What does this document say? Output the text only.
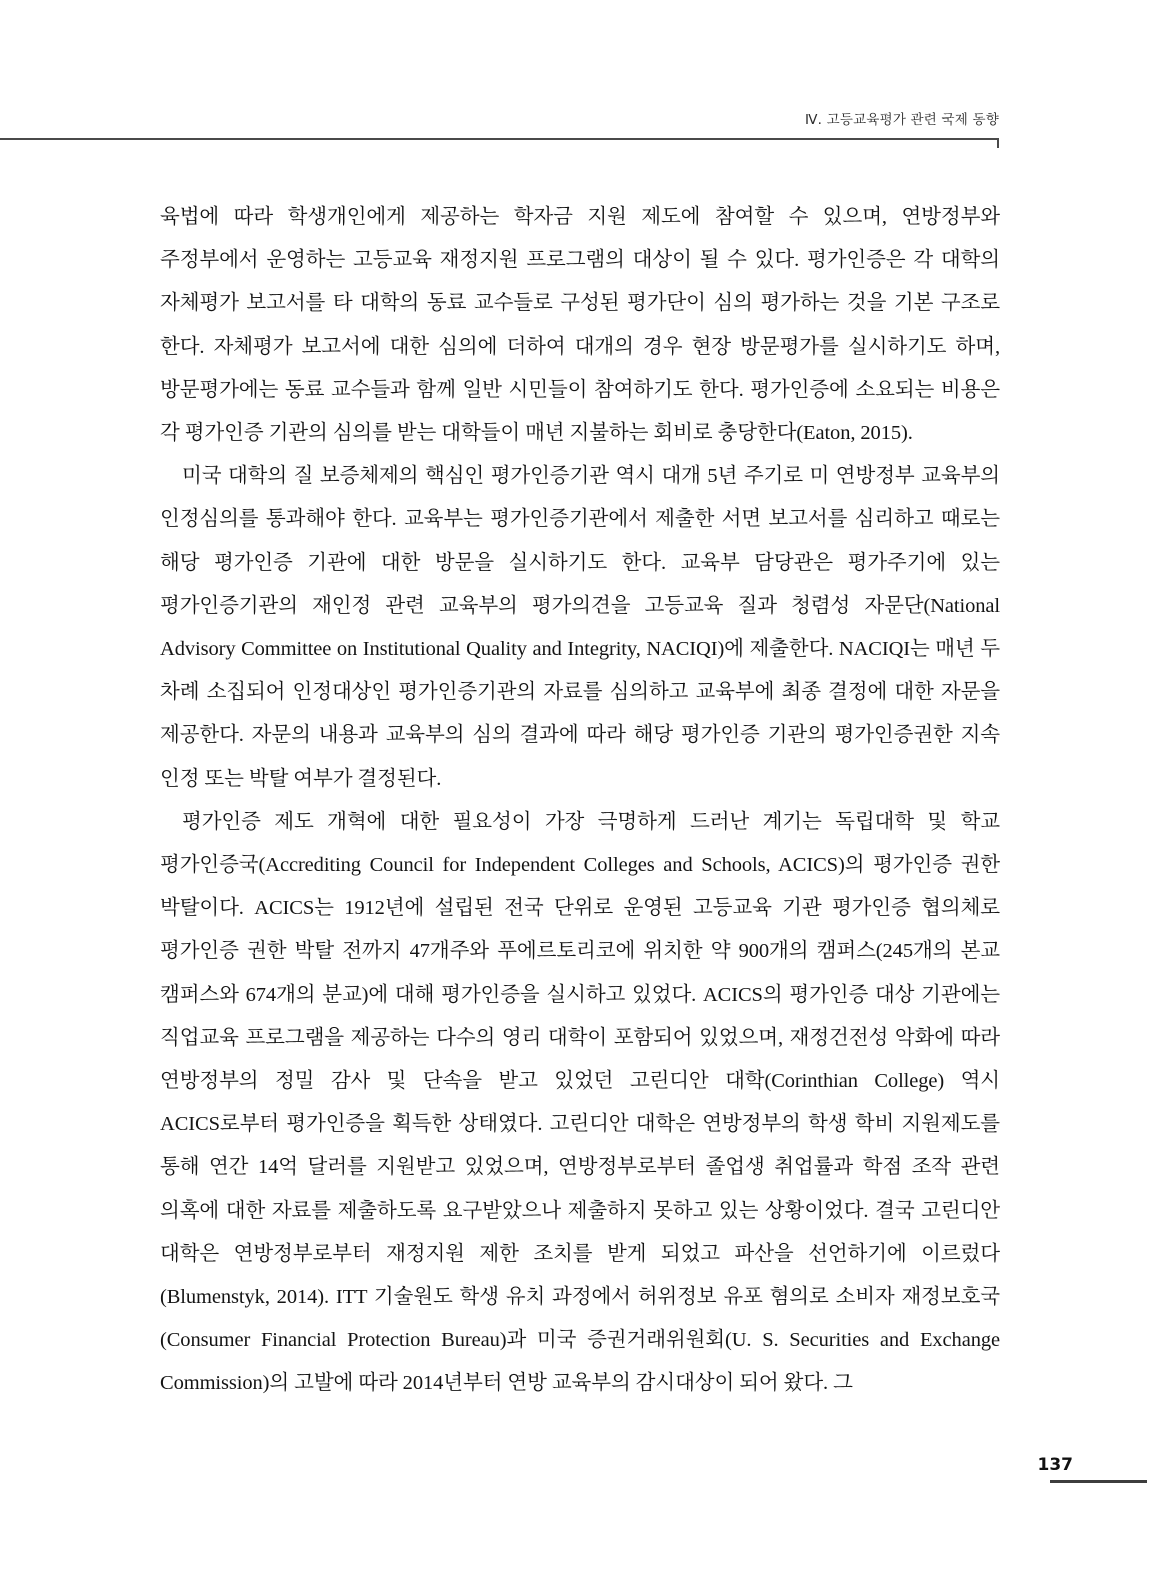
Ⅳ. 고등교육평가 관련 국제 동향

육법에 따라 학생개인에게 제공하는 학자금 지원 제도에 참여할 수 있으며, 연방정부와 주정부에서 운영하는 고등교육 재정지원 프로그램의 대상이 될 수 있다. 평가인증은 각 대학의 자체평가 보고서를 타 대학의 동료 교수들로 구성된 평가단이 심의 평가하는 것을 기본 구조로 한다. 자체평가 보고서에 대한 심의에 더하여 대개의 경우 현장 방문평가를 실시하기도 하며, 방문평가에는 동료 교수들과 함께 일반 시민들이 참여하기도 한다. 평가인증에 소요되는 비용은 각 평가인증 기관의 심의를 받는 대학들이 매년 지불하는 회비로 충당한다(Eaton, 2015).

미국 대학의 질 보증체제의 핵심인 평가인증기관 역시 대개 5년 주기로 미 연방정부 교육부의 인정심의를 통과해야 한다. 교육부는 평가인증기관에서 제출한 서면 보고서를 심리하고 때로는 해당 평가인증 기관에 대한 방문을 실시하기도 한다. 교육부 담당관은 평가주기에 있는 평가인증기관의 재인정 관련 교육부의 평가의견을 고등교육 질과 청렴성 자문단(National Advisory Committee on Institutional Quality and Integrity, NACIQI)에 제출한다. NACIQI는 매년 두 차례 소집되어 인정대상인 평가인증기관의 자료를 심의하고 교육부에 최종 결정에 대한 자문을 제공한다. 자문의 내용과 교육부의 심의 결과에 따라 해당 평가인증 기관의 평가인증권한 지속 인정 또는 박탈 여부가 결정된다.

평가인증 제도 개혁에 대한 필요성이 가장 극명하게 드러난 계기는 독립대학 및 학교 평가인증국(Accrediting Council for Independent Colleges and Schools, ACICS)의 평가인증 권한 박탈이다. ACICS는 1912년에 설립된 전국 단위로 운영된 고등교육 기관 평가인증 협의체로 평가인증 권한 박탈 전까지 47개주와 푸에르토리코에 위치한 약 900개의 캠퍼스(245개의 본교 캠퍼스와 674개의 분교)에 대해 평가인증을 실시하고 있었다. ACICS의 평가인증 대상 기관에는 직업교육 프로그램을 제공하는 다수의 영리 대학이 포함되어 있었으며, 재정건전성 악화에 따라 연방정부의 정밀 감사 및 단속을 받고 있었던 고린디안 대학(Corinthian College) 역시 ACICS로부터 평가인증을 획득한 상태였다. 고린디안 대학은 연방정부의 학생 학비 지원제도를 통해 연간 14억 달러를 지원받고 있었으며, 연방정부로부터 졸업생 취업률과 학점 조작 관련 의혹에 대한 자료를 제출하도록 요구받았으나 제출하지 못하고 있는 상황이었다. 결국 고린디안 대학은 연방정부로부터 재정지원 제한 조치를 받게 되었고 파산을 선언하기에 이르렀다(Blumenstyk, 2014). ITT 기술원도 학생 유치 과정에서 허위정보 유포 혐의로 소비자 재정보호국(Consumer Financial Protection Bureau)과 미국 증권거래위원회(U. S. Securities and Exchange Commission)의 고발에 따라 2014년부터 연방 교육부의 감시대상이 되어 왔다. 그

137
